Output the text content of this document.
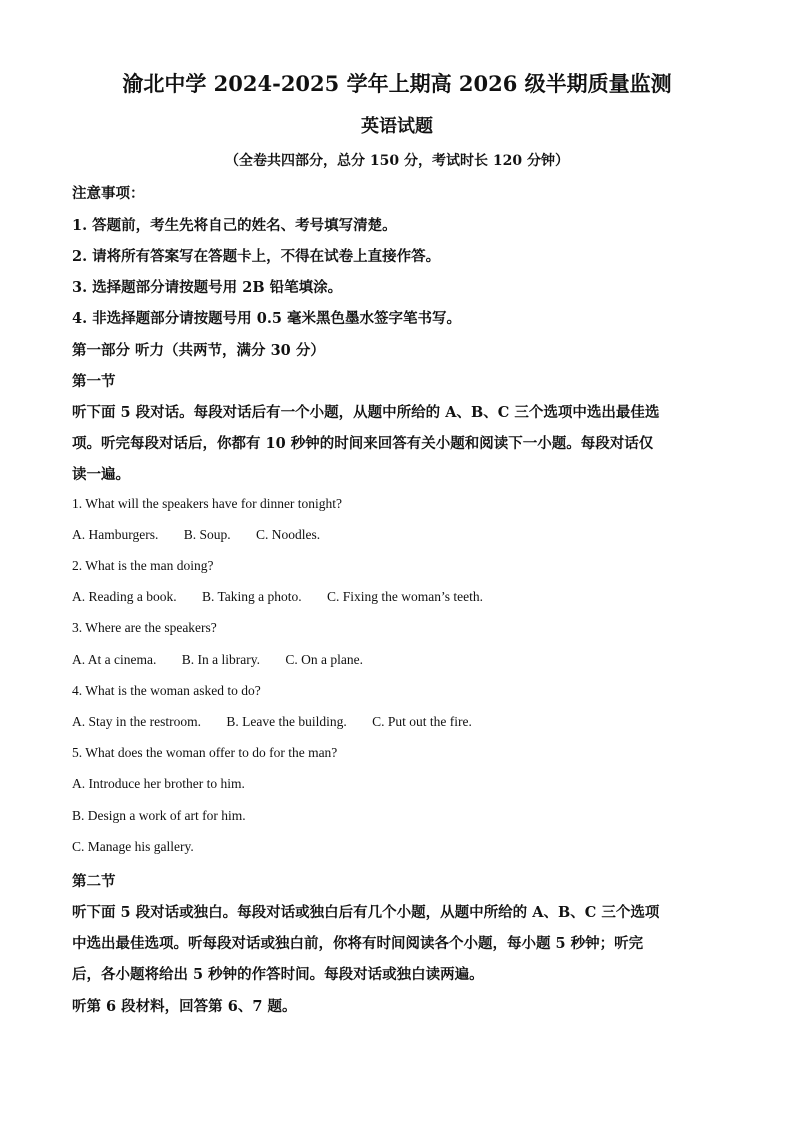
渝北中学 2024-2025 学年上期高 2026 级半期质量监测
英语试题
（全卷共四部分，总分 150 分，考试时长 120 分钟）
注意事项：
1. 答题前，考生先将自己的姓名、考号填写清楚。
2. 请将所有答案写在答题卡上，不得在试卷上直接作答。
3. 选择题部分请按题号用 2B 铅笔填涂。
4. 非选择题部分请按题号用 0.5 毫米黑色墨水签字笔书写。
第一部分 听力（共两节，满分 30 分）
第一节
听下面 5 段对话。每段对话后有一个小题，从题中所给的 A、B、C 三个选项中选出最佳选
项。听完每段对话后，你都有 10 秒钟的时间来回答有关小题和阅读下一小题。每段对话仅
读一遍。
1. What will the speakers have for dinner tonight?
A. Hamburgers. B. Soup. C. Noodles.
2. What is the man doing?
A. Reading a book. B. Taking a photo. C. Fixing the woman’s teeth.
3. Where are the speakers?
A. At a cinema. B. In a library. C. On a plane.
4. What is the woman asked to do?
A. Stay in the restroom. B. Leave the building. C. Put out the fire.
5. What does the woman offer to do for the man?
A. Introduce her brother to him.
B. Design a work of art for him.
C. Manage his gallery.
第二节
听下面 5 段对话或独白。每段对话或独白后有几个小题，从题中所给的 A、B、C 三个选项
中选出最佳选项。听每段对话或独白前，你将有时间阅读各个小题，每小题 5 秒钟；听完
后，各小题将给出 5 秒钟的作答时间。每段对话或独白读两遍。
听第 6 段材料，回答第 6、7 题。
